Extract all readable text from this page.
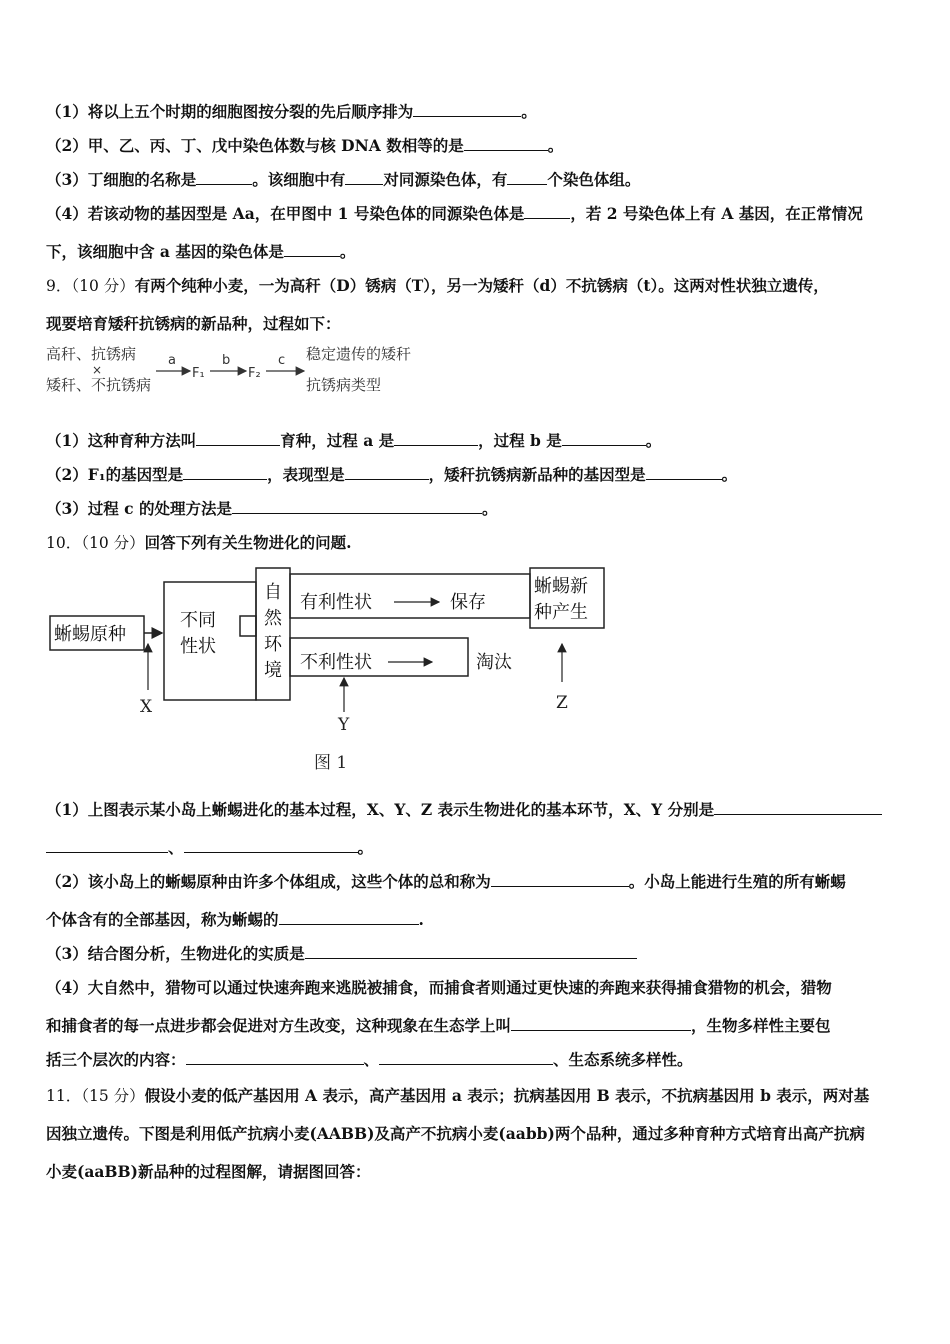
（1）将以上五个时期的细胞图按分裂的先后顺序排为	。
（2）甲、乙、丙、丁、戊中染色体数与核 DNA 数相等的是	。
（3）丁细胞的名称是	。该细胞中有 对同源染色体，有	个染色体组。
（4）若该动物的基因型是 Aa，在甲图中 1 号染色体的同源染色体是	，若 2 号染色体上有 A 基因，在正常情况
下，该细胞中含 a 基因的染色体是	。
9．（10 分）有两个纯种小麦，一为高秆（D）锈病（T），另一为矮秆（d）不抗锈病（t）。这两对性状独立遗传，
现要培育矮秆抗锈病的新品种，过程如下：
高秆、抗锈病
×
矮秆、不抗锈病
a
F₁
b
F₂
c 稳定遗传的矮秆
抗锈病类型
（1）这种育种方法叫	育种，过程 a 是	，过程 b 是	。
（2）F₁的基因型是	，表现型是	，矮秆抗锈病新品种的基因型是	。
（3）过程 c 的处理方法是	。
10．（10 分）回答下列有关生物进化的问题.
蜥蜴原种
不同
性状
自
然
环
境
有利性状	保存
不利性状	淘汰
蜥蜴新
种产生
X
Y
Z
图 1
（1）上图表示某小岛上蜥蜴进化的基本过程，X、Y、Z 表示生物进化的基本环节，X、Y 分别是
、	。
（2）该小岛上的蜥蜴原种由许多个体组成，这些个体的总和称为	。小岛上能进行生殖的所有蜥蜴
个体含有的全部基因，称为蜥蜴的	.
（3）结合图分析，生物进化的实质是
（4）大自然中，猎物可以通过快速奔跑来逃脱被捕食，而捕食者则通过更快速的奔跑来获得捕食猎物的机会，猎物
和捕食者的每一点进步都会促进对方生改变，这种现象在生态学上叫	，生物多样性主要包
括三个层次的内容：	、	、生态系统多样性。
11．（15 分）假设小麦的低产基因用 A 表示，高产基因用 a 表示；抗病基因用 B 表示，不抗病基因用 b 表示，两对基
因独立遗传。下图是利用低产抗病小麦(AABB)及高产不抗病小麦(aabb)两个品种，通过多种育种方式培育出高产抗病
小麦(aaBB)新品种的过程图解，请据图回答：
